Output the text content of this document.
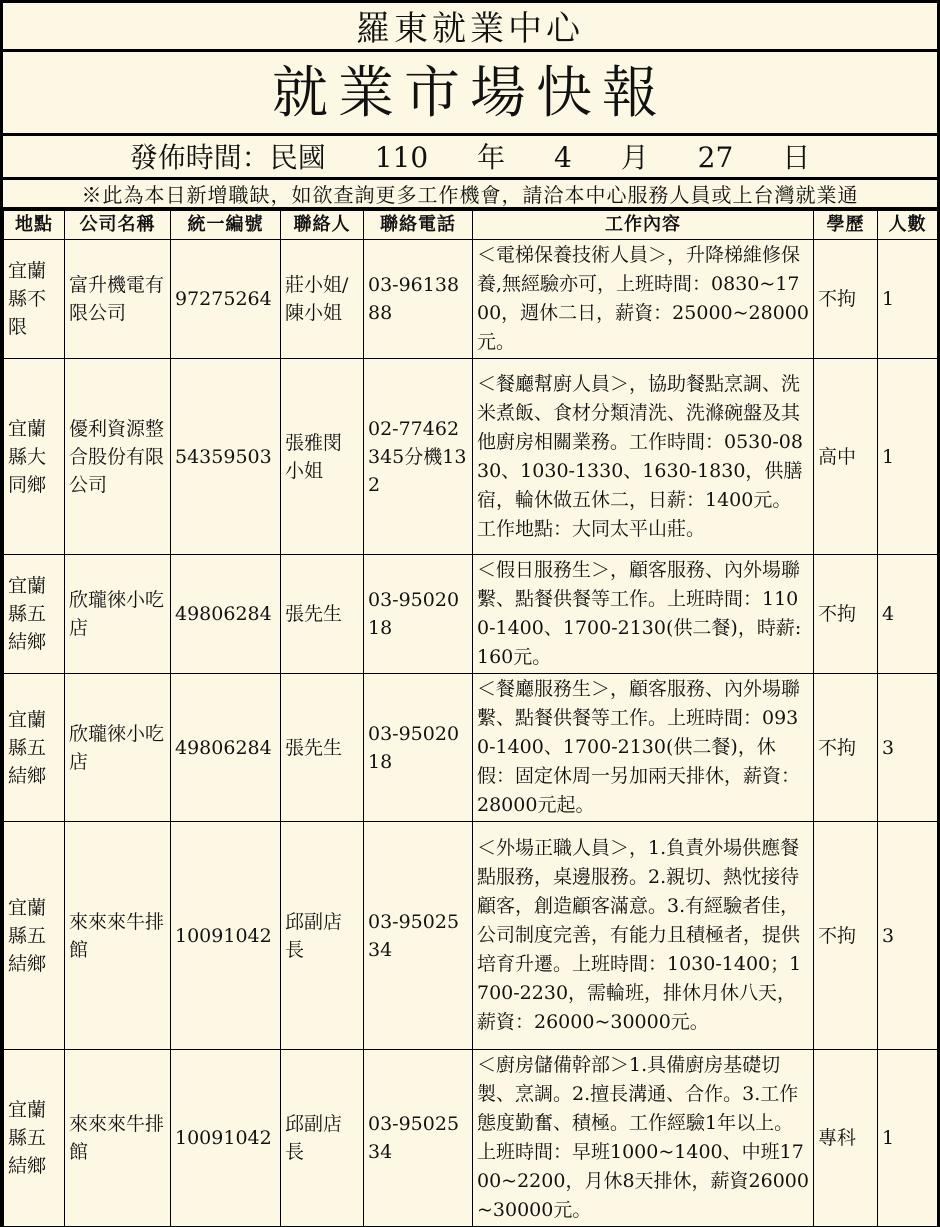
羅東就業中心
就業市場快報
發佈時間：民國 110 年 4 月 27 日
※此為本日新增職缺，如欲查詢更多工作機會，請洽本中心服務人員或上台灣就業通
地點	公司名稱	統一編號	聯絡人	聯絡電話	工作內容	學歷	人數
宜蘭縣不限	富升機電有限公司	97275264	莊小姐/陳小姐	03-9613888	＜電梯保養技術人員＞，升降梯維修保養,無經驗亦可，上班時間：0830~1700，週休二日，薪資：25000~28000元。	不拘	1
宜蘭縣大同鄉	優利資源整合股份有限公司	54359503	張雅閔小姐	02-77462345分機132	＜餐廳幫廚人員＞，協助餐點烹調、洗米煮飯、食材分類清洗、洗滌碗盤及其他廚房相關業務。工作時間：0530-0830、1030-1330、1630-1830，供膳宿，輪休做五休二，日薪：1400元。工作地點：大同太平山莊。	高中	1
宜蘭縣五結鄉	欣瓏徠小吃店	49806284	張先生	03-9502018	＜假日服務生＞，顧客服務、內外場聯繫、點餐供餐等工作。上班時間：1100-1400、1700-2130(供二餐)，時薪:160元。	不拘	4
宜蘭縣五結鄉	欣瓏徠小吃店	49806284	張先生	03-9502018	＜餐廳服務生＞，顧客服務、內外場聯繫、點餐供餐等工作。上班時間：0930-1400、1700-2130(供二餐)，休假：固定休周一另加兩天排休，薪資：28000元起。	不拘	3
宜蘭縣五結鄉	來來來牛排館	10091042	邱副店長	03-9502534	＜外場正職人員＞，1.負責外場供應餐點服務，桌邊服務。2.親切、熱忱接待顧客，創造顧客滿意。3.有經驗者佳，公司制度完善，有能力且積極者，提供培育升遷。上班時間：1030-1400；1700-2230，需輪班，排休月休八天，薪資：26000~30000元。	不拘	3
宜蘭縣五結鄉	來來來牛排館	10091042	邱副店長	03-9502534	＜廚房儲備幹部＞1.具備廚房基礎切製、烹調。2.擅長溝通、合作。3.工作態度勤奮、積極。工作經驗1年以上。上班時間：早班1000~1400、中班1700~2200，月休8天排休，薪資26000~30000元。	專科	1
